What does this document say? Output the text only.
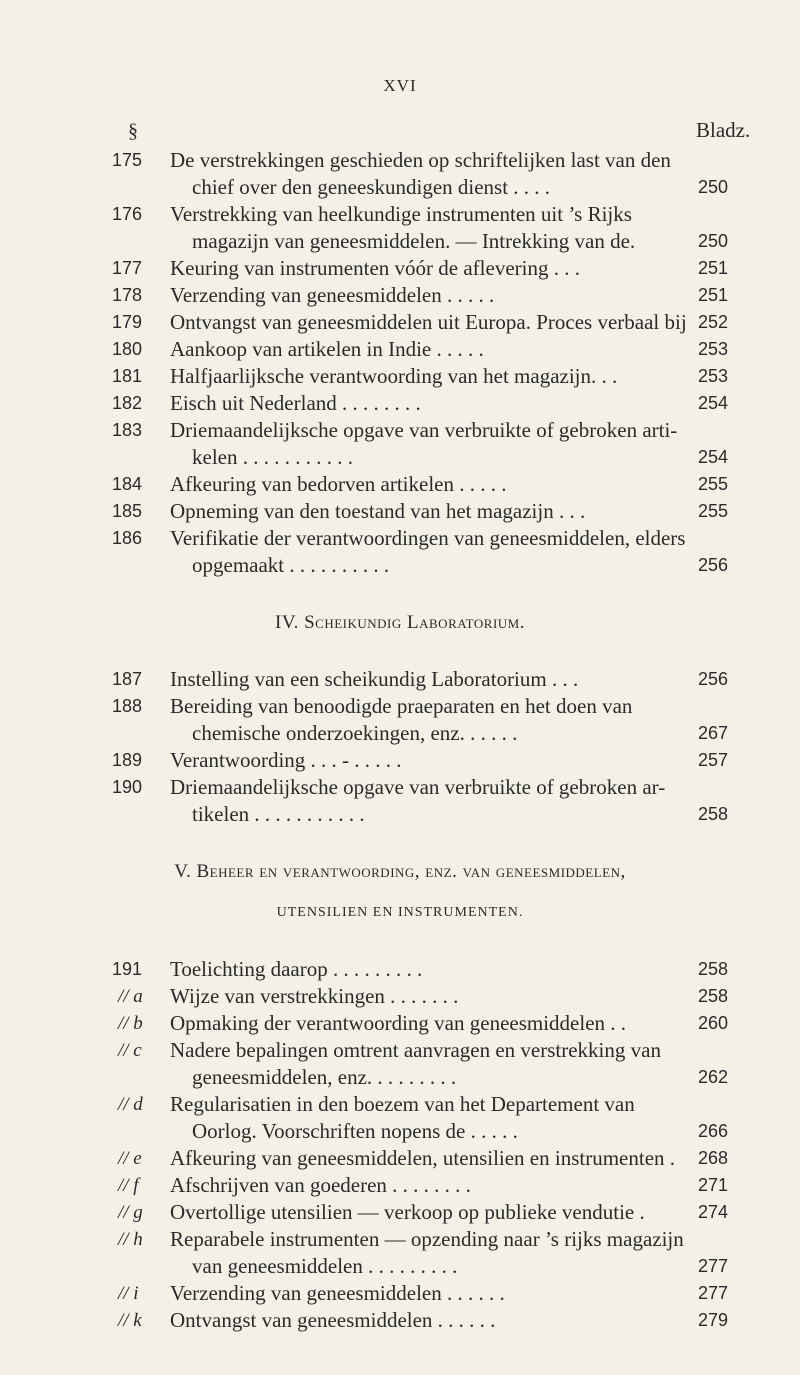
XVI
§	Bladz.
175	De verstrekkingen geschieden op schriftelijken last van den
chief over den geneeskundigen dienst . . . .	250
176	Verstrekking van heelkundige instrumenten uit ’s Rijks
magazijn van geneesmiddelen. — Intrekking van de.	250
177	Keuring van instrumenten vóór de aflevering . . .	251
178	Verzending van geneesmiddelen . . . . .	251
179	Ontvangst van geneesmiddelen uit Europa. Proces verbaal bij 252
180	Aankoop van artikelen in Indie . . . . .	253
181	Halfjaarlijksche verantwoording van het magazijn. . .	253
182	Eisch uit Nederland . . . . . . . .	254
183	Driemaandelijksche opgave van verbruikte of gebroken arti-
kelen . . . . . . . . . . .	254
184	Afkeuring van bedorven artikelen . . . . .	255
185	Opneming van den toestand van het magazijn . . .	255
186	Verifikatie der verantwoordingen van geneesmiddelen, elders
opgemaakt . . . . . . . . . .	256
IV. Scheikundig Laboratorium.
187	Instelling van een scheikundig Laboratorium . . .	256
188	Bereiding van benoodigde praeparaten en het doen van
chemische onderzoekingen, enz. . . . . .	267
189	Verantwoording . . . - . . . . .	257
190	Driemaandelijksche opgave van verbruikte of gebroken ar-
tikelen . . . . . . . . . . .	258
V. Beheer en verantwoording, enz. van geneesmiddelen,
UTENSILIEN EN INSTRUMENTEN.
191	Toelichting daarop . . . . . . . . .	258
// a	Wijze van verstrekkingen . . . . . . .	258
// b	Opmaking der verantwoording van geneesmiddelen . .	260
// c	Nadere bepalingen omtrent aanvragen en verstrekking van
geneesmiddelen, enz. . . . . . . . .	262
// d	Regularisatien in den boezem van het Departement van
Oorlog. Voorschriften nopens de . . . . .	266
// e	Afkeuring van geneesmiddelen, utensilien en instrumenten .	268
// f	Afschrijven van goederen . . . . . . . .	271
// g	Overtollige utensilien — verkoop op publieke vendutie .	274
// h	Reparabele instrumenten — opzending naar ’s rijks magazijn
van geneesmiddelen . . . . . . . . .	277
// i	Verzending van geneesmiddelen . . . . . .	277
// k	Ontvangst van geneesmiddelen . . . . . .	279
